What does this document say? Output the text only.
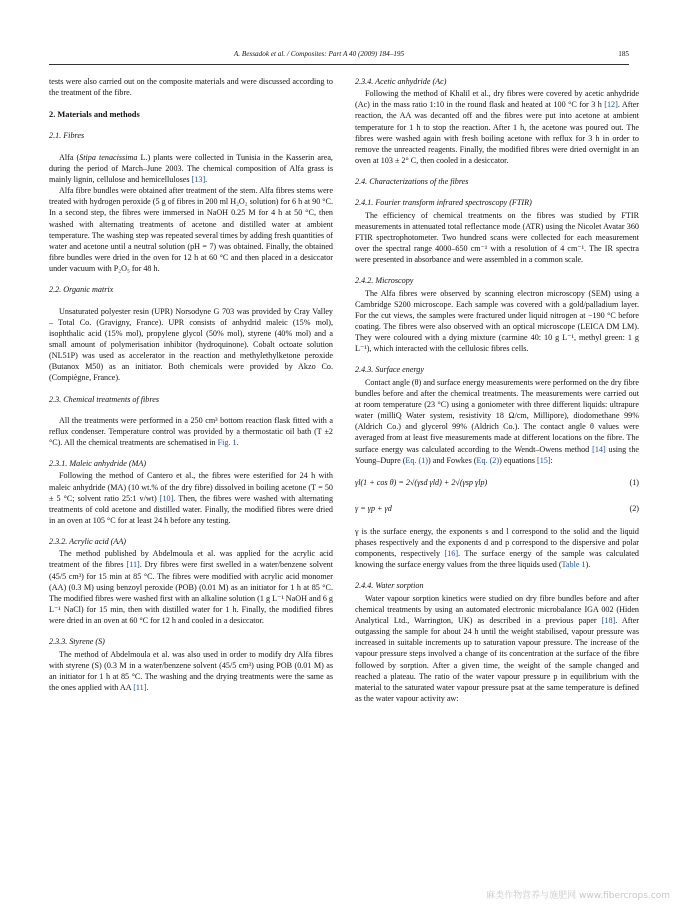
A. Bessadok et al. / Composites: Part A 40 (2009) 184–195	185

tests were also carried out on the composite materials and were discussed according to the treatment of the fibre.

2. Materials and methods
2.1. Fibres

Alfa (Stipa tenacissima L.) plants were collected in Tunisia in the Kasserin area, during the period of March–June 2003. The chemical composition of Alfa grass is mainly lignin, cellulose and hemicelluloses [13].

Alfa fibre bundles were obtained after treatment of the stem. Alfa fibres stems were treated with hydrogen peroxide (5 g of fibres in 200 ml H₂O₂ solution) for 6 h at 90 °C. In a second step, the fibres were immersed in NaOH 0.25 M for 4 h at 50 °C, then washed with alternating treatments of acetone and distilled water at ambient temperature. The washing step was repeated several times by adding fresh quantities of water and acetone until a neutral solution (pH = 7) was obtained. Finally, the obtained fibre bundles were dried in the oven for 12 h at 60 °C and then placed in a desiccator under vacuum with P₂O₅ for 48 h.

2.2. Organic matrix

Unsaturated polyester resin (UPR) Norsodyne G 703 was provided by Cray Valley – Total Co. (Gravigny, France). UPR consists of anhydrid maleic (15% mol), isophthalic acid (15% mol), propylene glycol (50% mol), styrene (40% mol) and a small amount of polymerisation inhibitor (hydroquinone). Cobalt octoate solution (NL51P) was used as accelerator in the reaction and methylethylketone peroxide (Butanox M50) as an initiator. Both chemicals were provided by Akzo Co. (Compiègne, France).

2.3. Chemical treatments of fibres

All the treatments were performed in a 250 cm³ bottom reaction flask fitted with a reflux condenser. Temperature control was provided by a thermostatic oil bath (T ±2 °C). All the chemical treatments are schematised in Fig. 1.

2.3.1. Maleic anhydride (MA)

Following the method of Cantero et al., the fibres were esterified for 24 h with maleic anhydride (MA) (10 wt.% of the dry fibre) dissolved in boiling acetone (T = 50 ± 5 °C; solvent ratio 25:1 v/wt) [10]. Then, the fibres were washed with alternating treatments of cold acetone and distilled water. Finally, the modified fibres were dried in an oven at 105 °C for at least 24 h before any testing.

2.3.2. Acrylic acid (AA)

The method published by Abdelmoula et al. was applied for the acrylic acid treatment of the fibres [11]. Dry fibres were first swelled in a water/benzene solvent (45/5 cm³) for 15 min at 85 °C. The fibres were modified with acrylic acid monomer (AA) (0.3 M) using benzoyl peroxide (POB) (0.01 M) as an initiator for 1 h at 85 °C. The modified fibres were washed first with an alkaline solution (1 g L⁻¹ NaOH and 6 g L⁻¹ NaCl) for 15 min, then with distilled water for 1 h. Finally, the modified fibres were dried in an oven at 60 °C for 12 h and cooled in a desiccator.

2.3.3. Styrene (S)

The method of Abdelmoula et al. was also used in order to modify dry Alfa fibres with styrene (S) (0.3 M in a water/benzene solvent (45/5 cm³) using POB (0.01 M) as an initiator for 1 h at 85 °C. The washing and the drying treatments were the same as the ones applied with AA [11].

2.3.4. Acetic anhydride (Ac)

Following the method of Khalil et al., dry fibres were covered by acetic anhydride (Ac) in the mass ratio 1:10 in the round flask and heated at 100 °C for 3 h [12]. After reaction, the AA was decanted off and the fibres were put into acetone at ambient temperature for 1 h to stop the reaction. After 1 h, the acetone was poured out. The fibres were washed again with fresh boiling acetone with reflux for 3 h in order to remove the unreacted reagents. Finally, the modified fibres were dried overnight in an oven at 103 ± 2° C, then cooled in a desiccator.

2.4. Characterizations of the fibres
2.4.1. Fourier transform infrared spectroscopy (FTIR)

The efficiency of chemical treatments on the fibres was studied by FTIR measurements in attenuated total reflectance mode (ATR) using the Nicolet Avatar 360 FTIR spectrophotometer. Two hundred scans were collected for each measurement over the spectral range 4000–650 cm⁻¹ with a resolution of 4 cm⁻¹. The IR spectra were presented in absorbance and were assembled in a common scale.

2.4.2. Microscopy

The Alfa fibres were observed by scanning electron microscopy (SEM) using a Cambridge S200 microscope. Each sample was covered with a gold/palladium layer. For the cut views, the samples were fractured under liquid nitrogen at −190 °C before coating. The fibres were also observed with an optical microscope (LEICA DM LM). They were coloured with a dying mixture (carmine 40: 10 g L⁻¹, methyl green: 1 g L⁻¹), which interacted with the cellulosic fibres cells.

2.4.3. Surface energy

Contact angle (θ) and surface energy measurements were performed on the dry fibre bundles before and after the chemical treatments. The measurements were carried out at room temperature (23 °C) using a goniometer with three different liquids: ultrapure water (milliQ Water system, resistivity 18 Ω/cm, Millipore), diodomethane 99% (Aldrich Co.) and glycerol 99% (Aldrich Co.). The contact angle θ values were averaged from at least five measurements made at different locations on the fibre. The surface energy was calculated according to the Wendt–Owens method [14] using the Young–Dupre (Eq. (1)) and Fowkes (Eq. (2)) equations [15]:

γl(1 + cos θ) = 2√(γsd γld) + 2√(γsp γlp)	(1)
γ = γp + γd	(2)

γ is the surface energy, the exponents s and l correspond to the solid and the liquid phases respectively and the exponents d and p correspond to the dispersive and polar components, respectively [16]. The surface energy of the sample was calculated knowing the surface energy values from the three liquids used (Table 1).

2.4.4. Water sorption

Water vapour sorption kinetics were studied on dry fibre bundles before and after chemical treatments by using an automated electronic microbalance IGA 002 (Hiden Analytical Ltd., Warrington, UK) as described in a previous paper [18]. After outgassing the sample for about 24 h until the weight stabilised, vapour pressure was increased in suitable increments up to saturation vapour pressure. The increase of the vapour pressure steps involved a change of its concentration at the surface of the fibre followed by sorption. After a given time, the weight of the sample changed and reached a plateau. The ratio of the water vapour pressure p in equilibrium with the material to the saturated water vapour pressure psat at the same temperature is defined as the water vapour activity aw:

麻类作物营养与施肥网 www.fibercrops.com
